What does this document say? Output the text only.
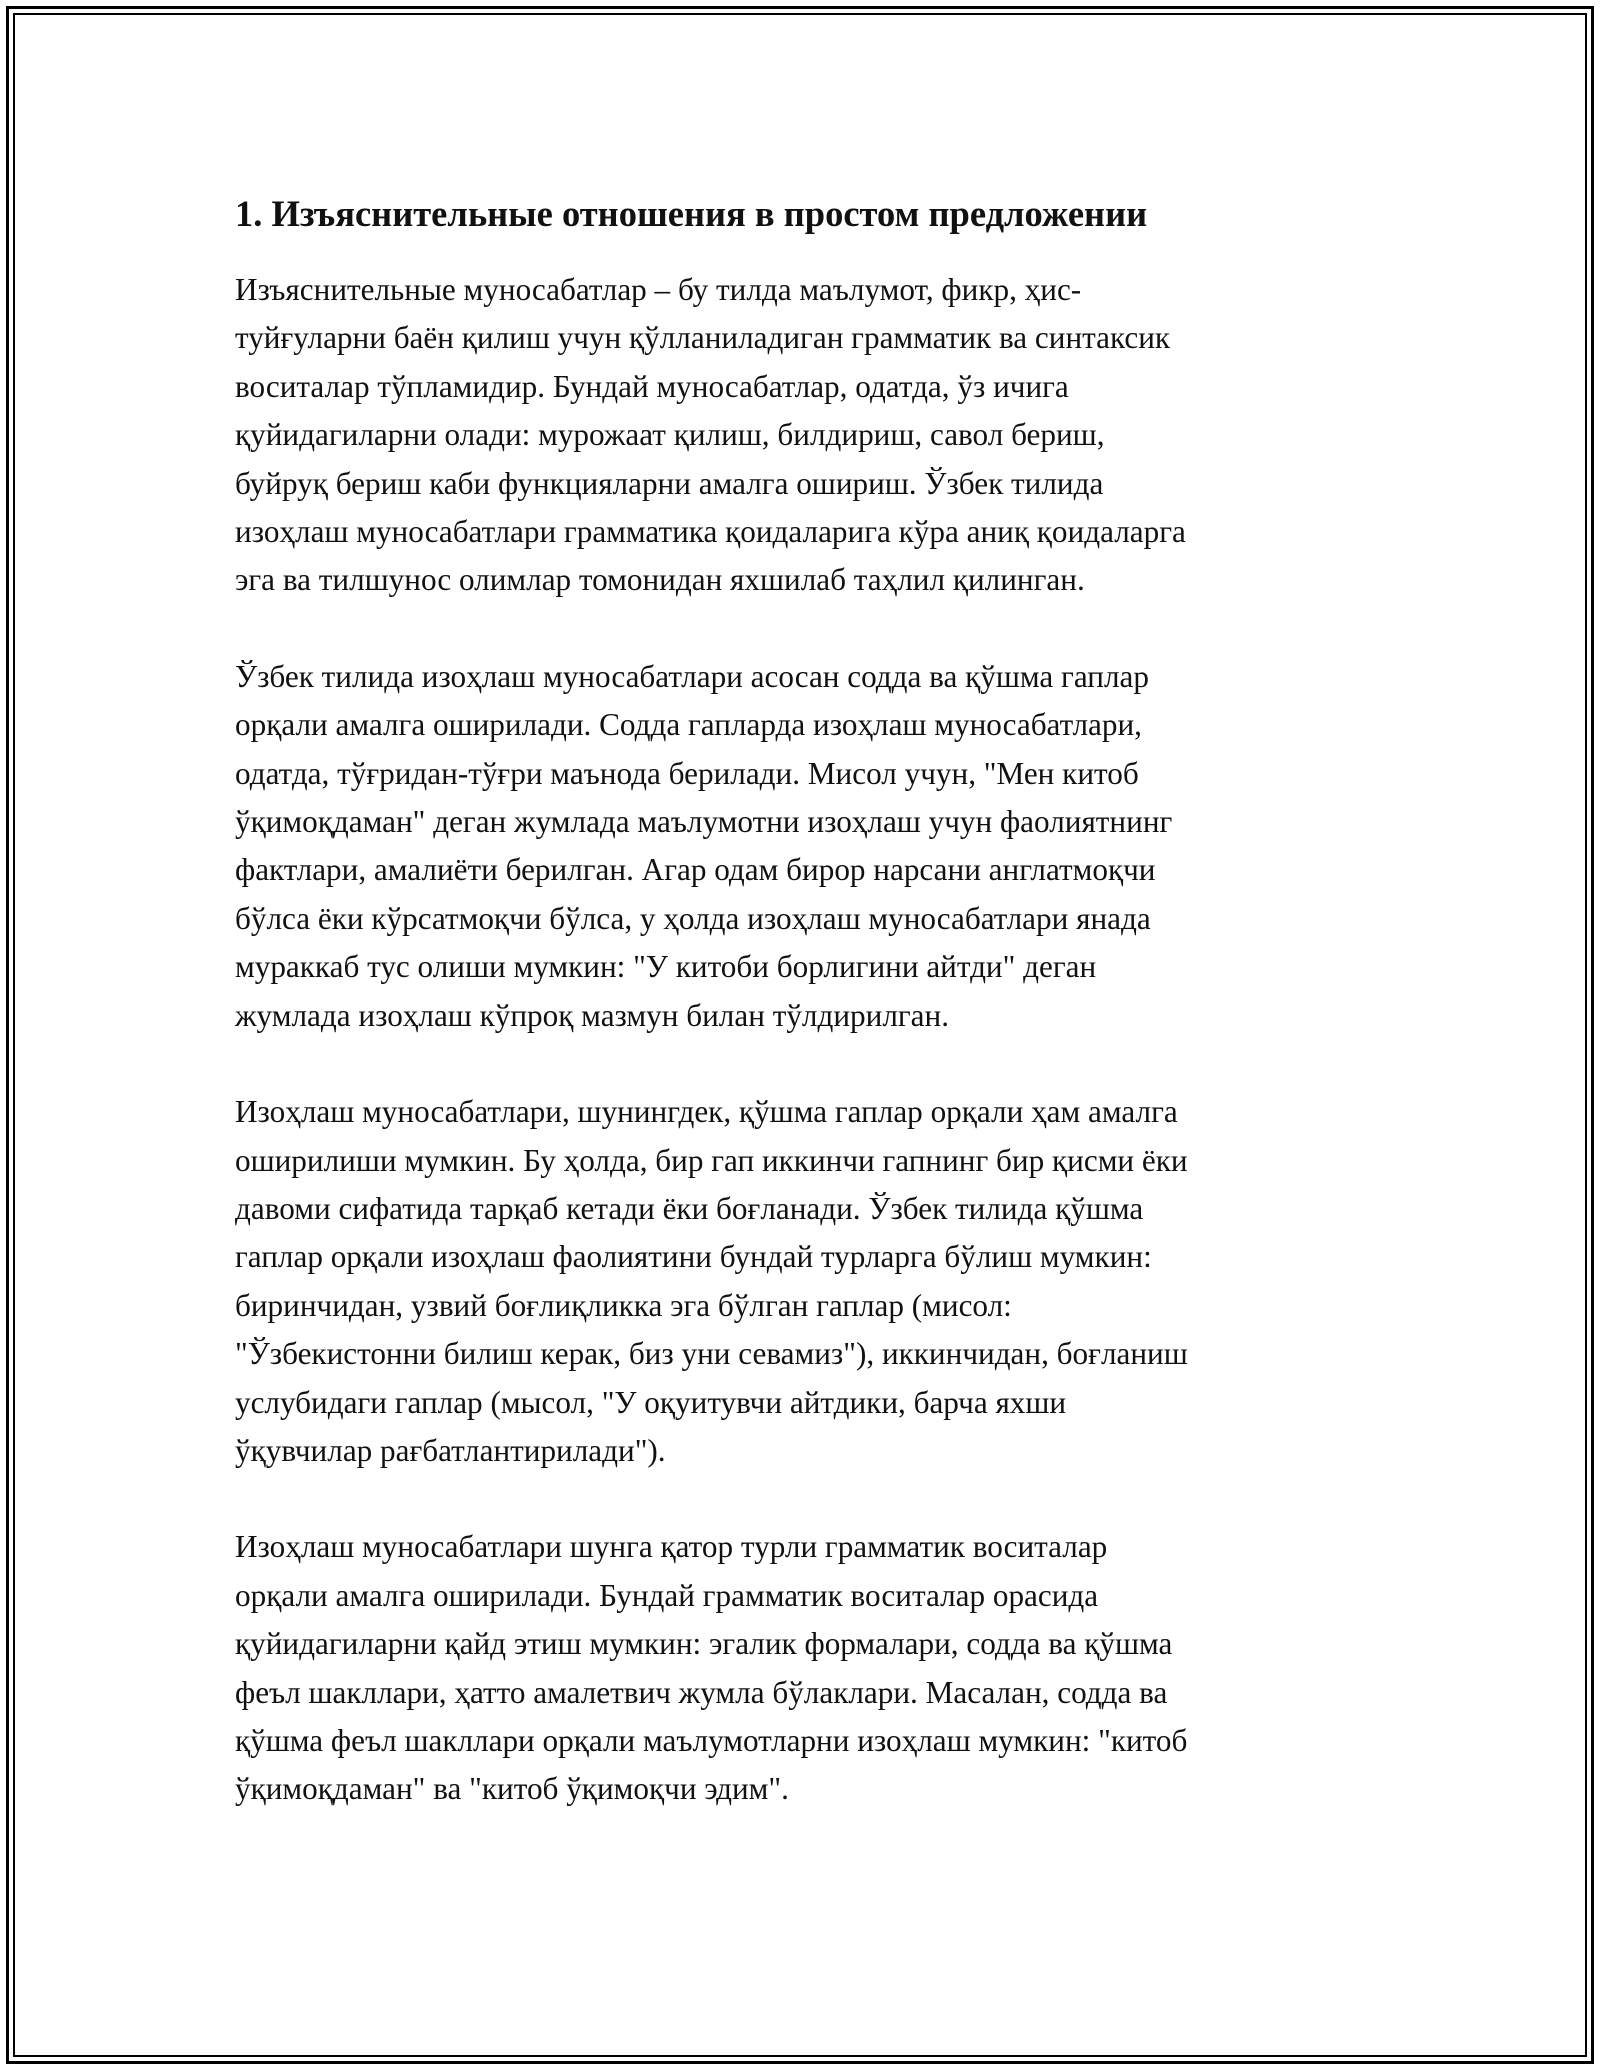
1. Изъяснительные отношения в простом предложении

Изъяснительные муносабатлар – бу тилда маълумот, фикр, ҳис-
туйғуларни баён қилиш учун қўлланиладиган грамматик ва синтаксик
воситалар тўпламидир. Бундай муносабатлар, одатда, ўз ичига
қуйидагиларни олади: мурожаат қилиш, билдириш, савол бериш,
буйруқ бериш каби функцияларни амалга ошириш. Ўзбек тилида
изоҳлаш муносабатлари грамматика қоидаларига кўра аниқ қоидаларга
эга ва тилшунос олимлар томонидан яхшилаб таҳлил қилинган.

Ўзбек тилида изоҳлаш муносабатлари асосан содда ва қўшма гаплар
орқали амалга оширилади. Содда гапларда изоҳлаш муносабатлари,
одатда, тўғридан-тўғри маънода берилади. Мисол учун, "Мен китоб
ўқимоқдаман" деган жумлада маълумотни изоҳлаш учун фаолиятнинг
фактлари, амалиёти берилган. Агар одам бирор нарсани англатмоқчи
бўлса ёки кўрсатмоқчи бўлса, у ҳолда изоҳлаш муносабатлари янада
мураккаб тус олиши мумкин: "У китоби борлигини айтди" деган
жумлада изоҳлаш кўпроқ мазмун билан тўлдирилган.

Изоҳлаш муносабатлари, шунингдек, қўшма гаплар орқали ҳам амалга
оширилиши мумкин. Бу ҳолда, бир гап иккинчи гапнинг бир қисми ёки
давоми сифатида тарқаб кетади ёки боғланади. Ўзбек тилида қўшма
гаплар орқали изоҳлаш фаолиятини бундай турларга бўлиш мумкин:
биринчидан, узвий боғлиқликка эга бўлган гаплар (мисол:
"Ўзбекистонни билиш керак, биз уни севамиз"), иккинчидан, боғланиш
услубидаги гаплар (мысол, "У оқуитувчи айтдики, барча яхши
ўқувчилар рағбатлантирилади").

Изоҳлаш муносабатлари шунга қатор турли грамматик воситалар
орқали амалга оширилади. Бундай грамматик воситалар орасида
қуйидагиларни қайд этиш мумкин: эгалик формалари, содда ва қўшма
феъл шакллари, ҳатто амалетвич жумла бўлаклари. Масалан, содда ва
қўшма феъл шакллари орқали маълумотларни изоҳлаш мумкин: "китоб
ўқимоқдаман" ва "китоб ўқимоқчи эдим".
